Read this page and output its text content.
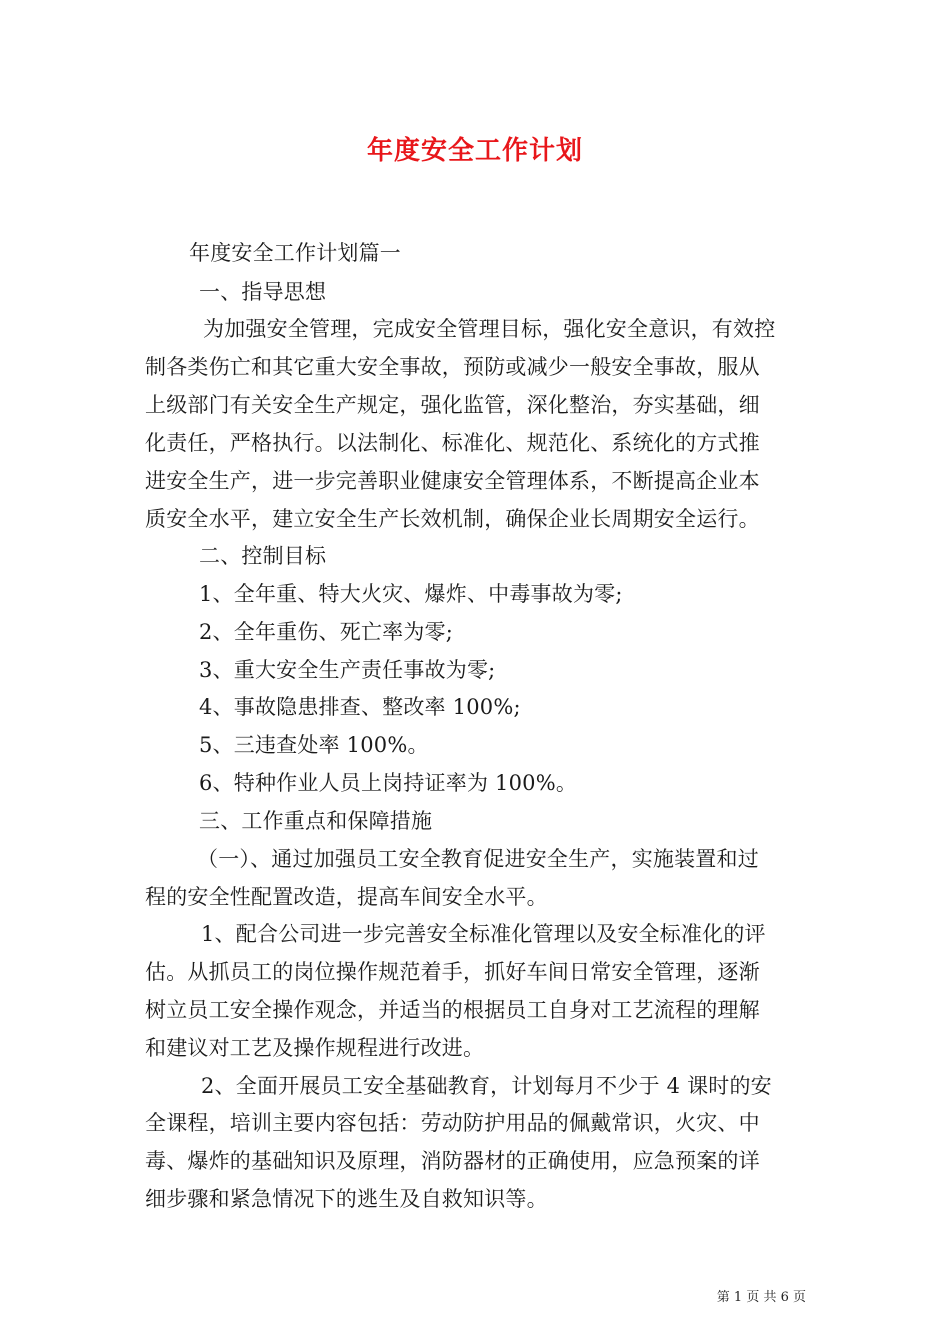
年度安全工作计划
年度安全工作计划篇一
一、指导思想
为加强安全管理，完成安全管理目标，强化安全意识，有效控
制各类伤亡和其它重大安全事故，预防或减少一般安全事故，服从
上级部门有关安全生产规定，强化监管，深化整治，夯实基础，细
化责任，严格执行。以法制化、标准化、规范化、系统化的方式推
进安全生产，进一步完善职业健康安全管理体系，不断提高企业本
质安全水平，建立安全生产长效机制，确保企业长周期安全运行。
二、控制目标
1、全年重、特大火灾、爆炸、中毒事故为零;
2、全年重伤、死亡率为零;
3、重大安全生产责任事故为零;
4、事故隐患排查、整改率 100%;
5、三违查处率 100%。
6、特种作业人员上岗持证率为 100%。
三、工作重点和保障措施
（一）、通过加强员工安全教育促进安全生产，实施装置和过
程的安全性配置改造，提高车间安全水平。
1、配合公司进一步完善安全标准化管理以及安全标准化的评
估。从抓员工的岗位操作规范着手，抓好车间日常安全管理，逐渐
树立员工安全操作观念，并适当的根据员工自身对工艺流程的理解
和建议对工艺及操作规程进行改进。
2、全面开展员工安全基础教育，计划每月不少于 4 课时的安
全课程，培训主要内容包括：劳动防护用品的佩戴常识，火灾、中
毒、爆炸的基础知识及原理，消防器材的正确使用，应急预案的详
细步骤和紧急情况下的逃生及自救知识等。
第 1 页 共 6 页
